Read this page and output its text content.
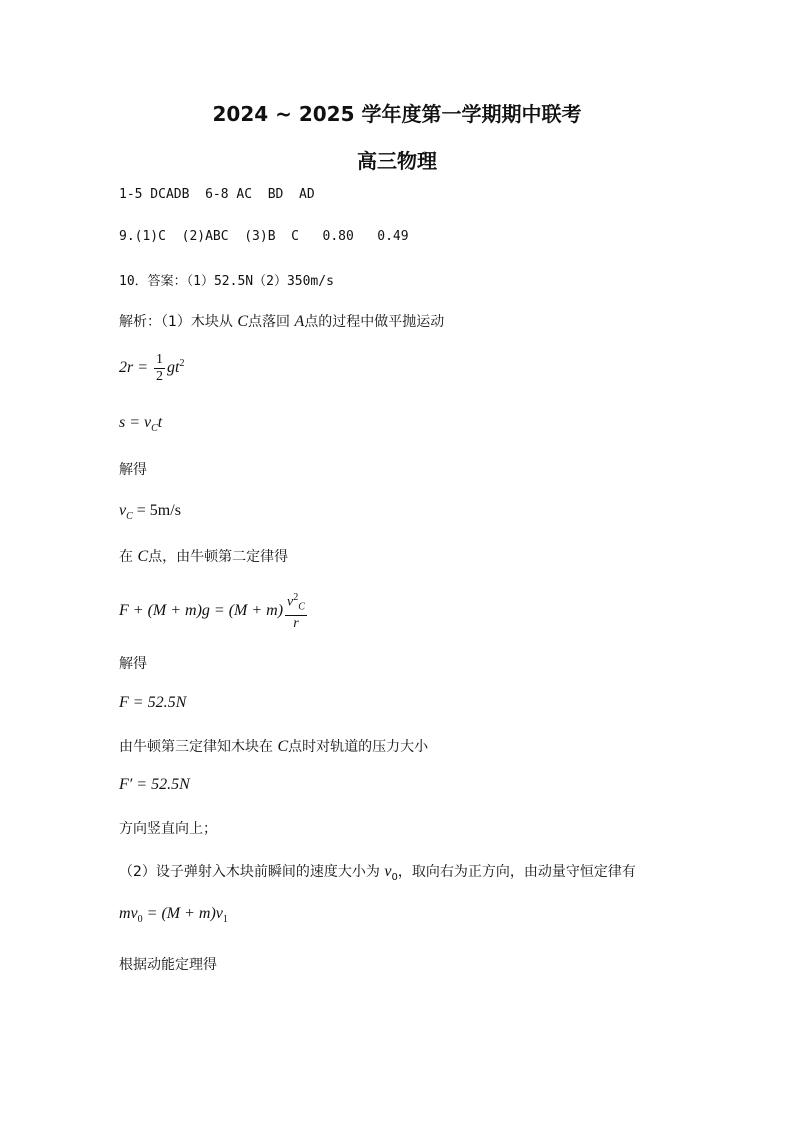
2024 ~ 2025 学年度第一学期期中联考
高三物理
1-5 DCADB  6-8 AC  BD  AD
9.(1)C  (2)ABC  (3)B  C   0.80   0.49
10．答案：（1）52.5N（2）350m/s
解析：（1）木块从 C点落回 A点的过程中做平抛运动
$2r = \frac{1}{2} gt^2$
$s = v_Ct$
解得
$v_C = 5m/s$
在 C点，由牛顿第二定律得
$F + (M + m)g = (M + m) \frac{v^2_C}{r}$
解得
F = 52.5N
由牛顿第三定律知木块在 C点时对轨道的压力大小
F′ = 52.5N
方向竖直向上；
（2）设子弹射入木块前瞬间的速度大小为 $v_0$，取向右为正方向，由动量守恒定律有
$mv_0 = (M + m)v_1$
根据动能定理得
